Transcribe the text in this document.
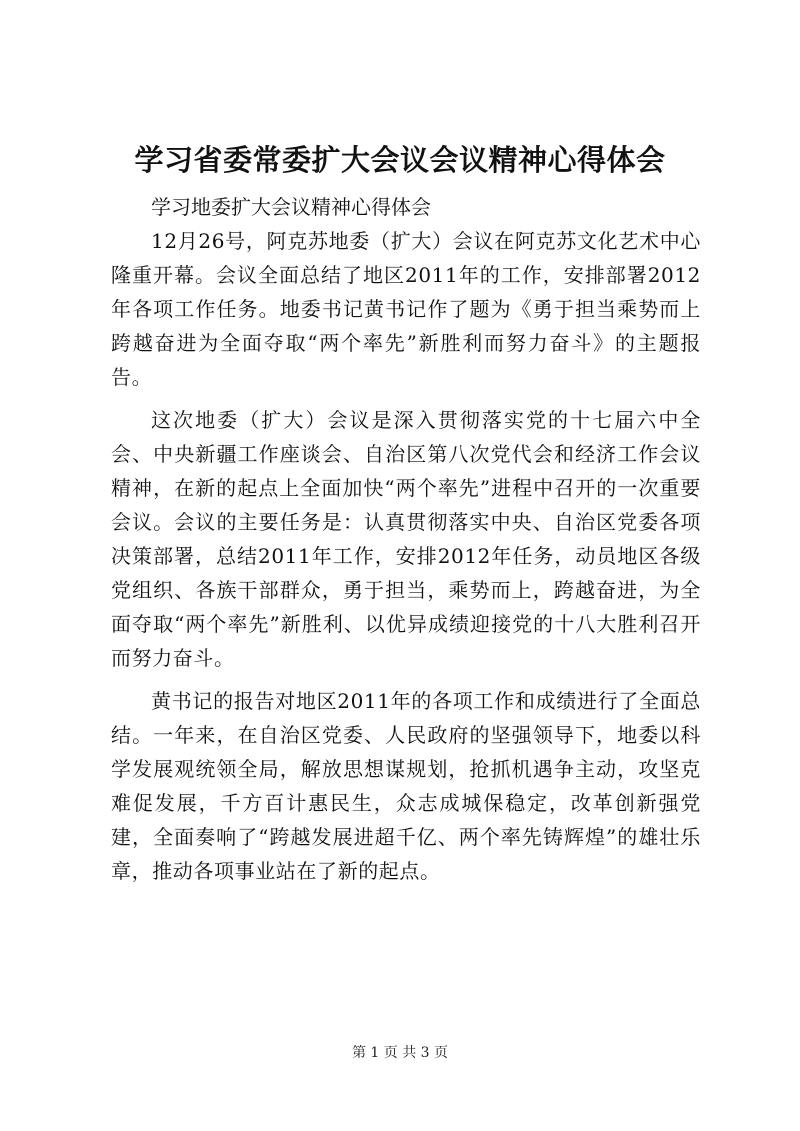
学习省委常委扩大会议会议精神心得体会

学习地委扩大会议精神心得体会

12月26号，阿克苏地委（扩大）会议在阿克苏文化艺术中心隆重开幕。会议全面总结了地区2011年的工作，安排部署2012年各项工作任务。地委书记黄书记作了题为《勇于担当乘势而上跨越奋进为全面夺取“两个率先”新胜利而努力奋斗》的主题报告。

这次地委（扩大）会议是深入贯彻落实党的十七届六中全会、中央新疆工作座谈会、自治区第八次党代会和经济工作会议精神，在新的起点上全面加快“两个率先”进程中召开的一次重要会议。会议的主要任务是：认真贯彻落实中央、自治区党委各项决策部署，总结2011年工作，安排2012年任务，动员地区各级党组织、各族干部群众，勇于担当，乘势而上，跨越奋进，为全面夺取“两个率先”新胜利、以优异成绩迎接党的十八大胜利召开而努力奋斗。

黄书记的报告对地区2011年的各项工作和成绩进行了全面总结。一年来，在自治区党委、人民政府的坚强领导下，地委以科学发展观统领全局，解放思想谋规划，抢抓机遇争主动，攻坚克难促发展，千方百计惠民生，众志成城保稳定，改革创新强党建，全面奏响了“跨越发展进超千亿、两个率先铸辉煌”的雄壮乐章，推动各项事业站在了新的起点。

第 1 页 共 3 页
